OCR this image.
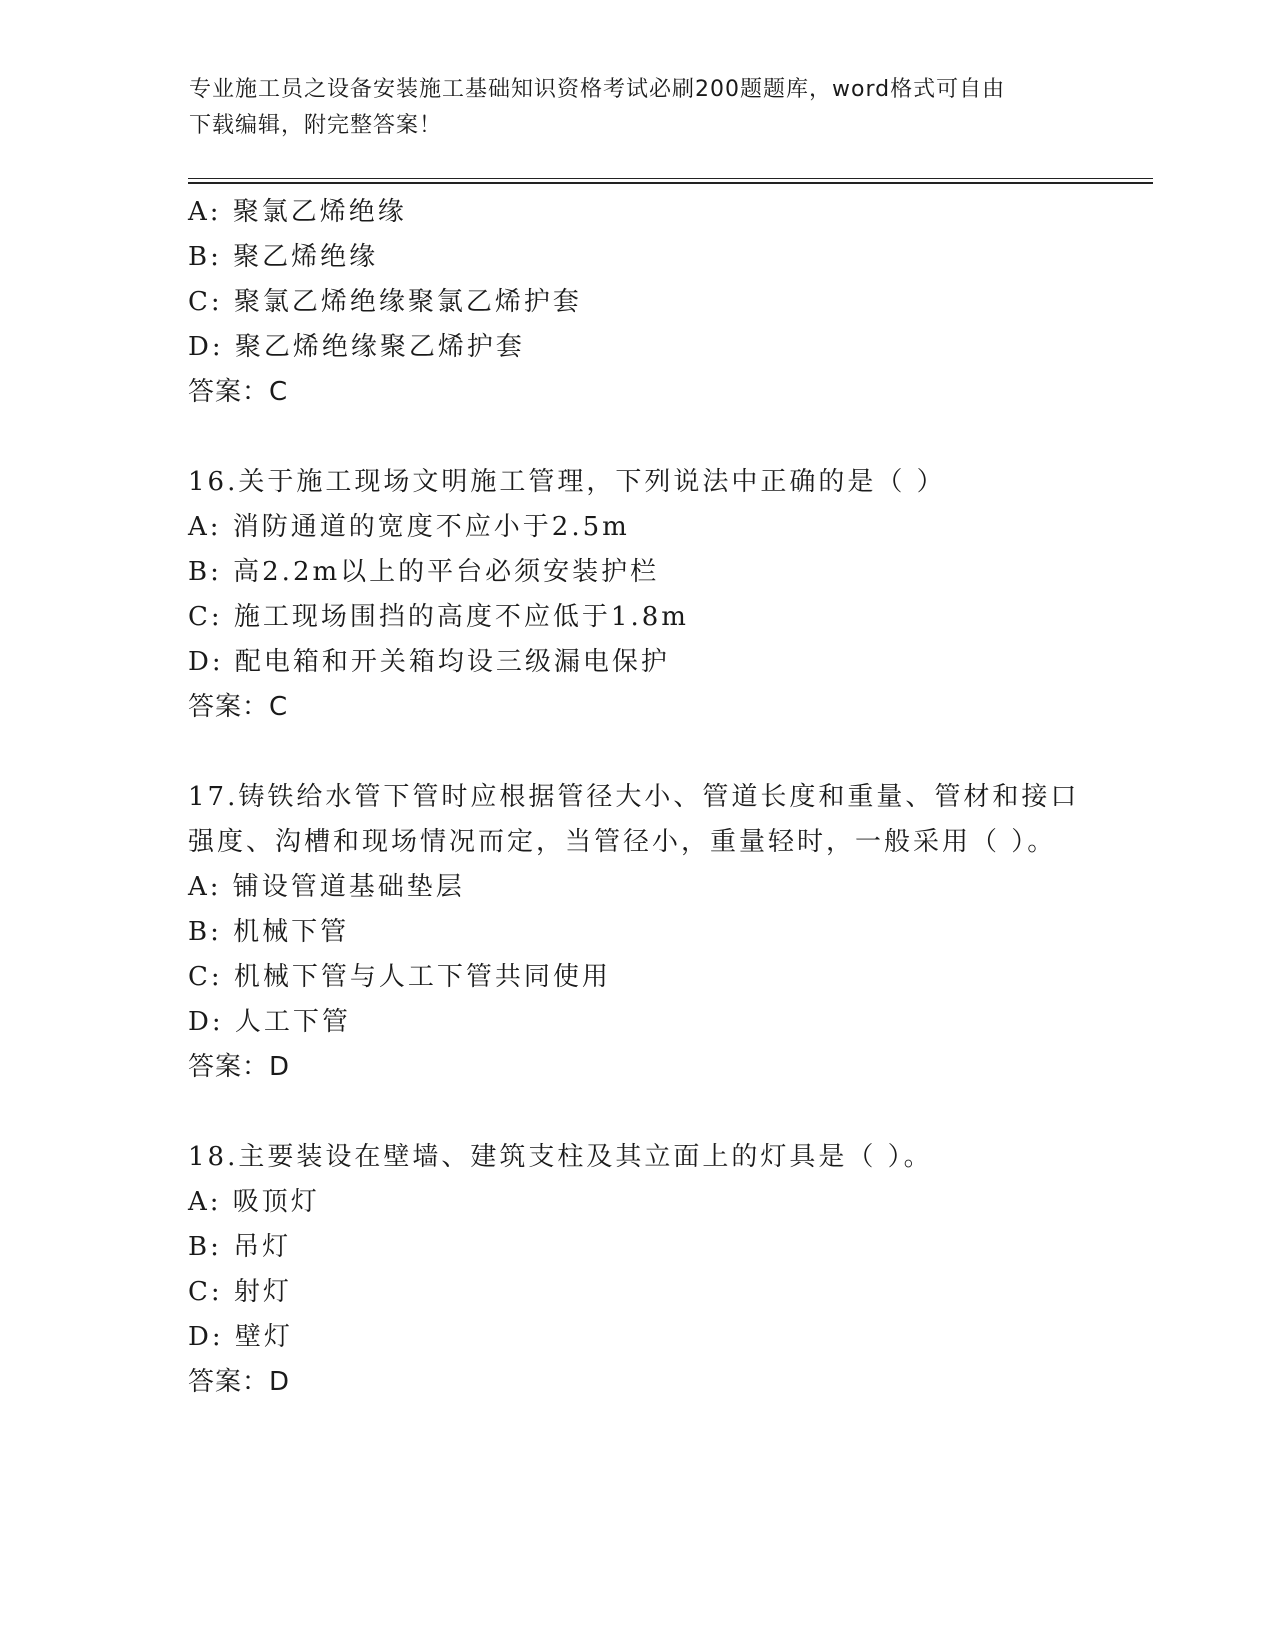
专业施工员之设备安装施工基础知识资格考试必刷200题题库，word格式可自由
下载编辑，附完整答案！
A: 聚氯乙烯绝缘
B: 聚乙烯绝缘
C: 聚氯乙烯绝缘聚氯乙烯护套
D: 聚乙烯绝缘聚乙烯护套
答案：C
16.关于施工现场文明施工管理，下列说法中正确的是（ ）
A: 消防通道的宽度不应小于2.5m
B: 高2.2m以上的平台必须安装护栏
C: 施工现场围挡的高度不应低于1.8m
D: 配电箱和开关箱均设三级漏电保护
答案：C
17.铸铁给水管下管时应根据管径大小、管道长度和重量、管材和接口
强度、沟槽和现场情况而定，当管径小，重量轻时，一般采用（ ）。
A: 铺设管道基础垫层
B: 机械下管
C: 机械下管与人工下管共同使用
D: 人工下管
答案：D
18.主要装设在壁墙、建筑支柱及其立面上的灯具是（ ）。
A: 吸顶灯
B: 吊灯
C: 射灯
D: 壁灯
答案：D
